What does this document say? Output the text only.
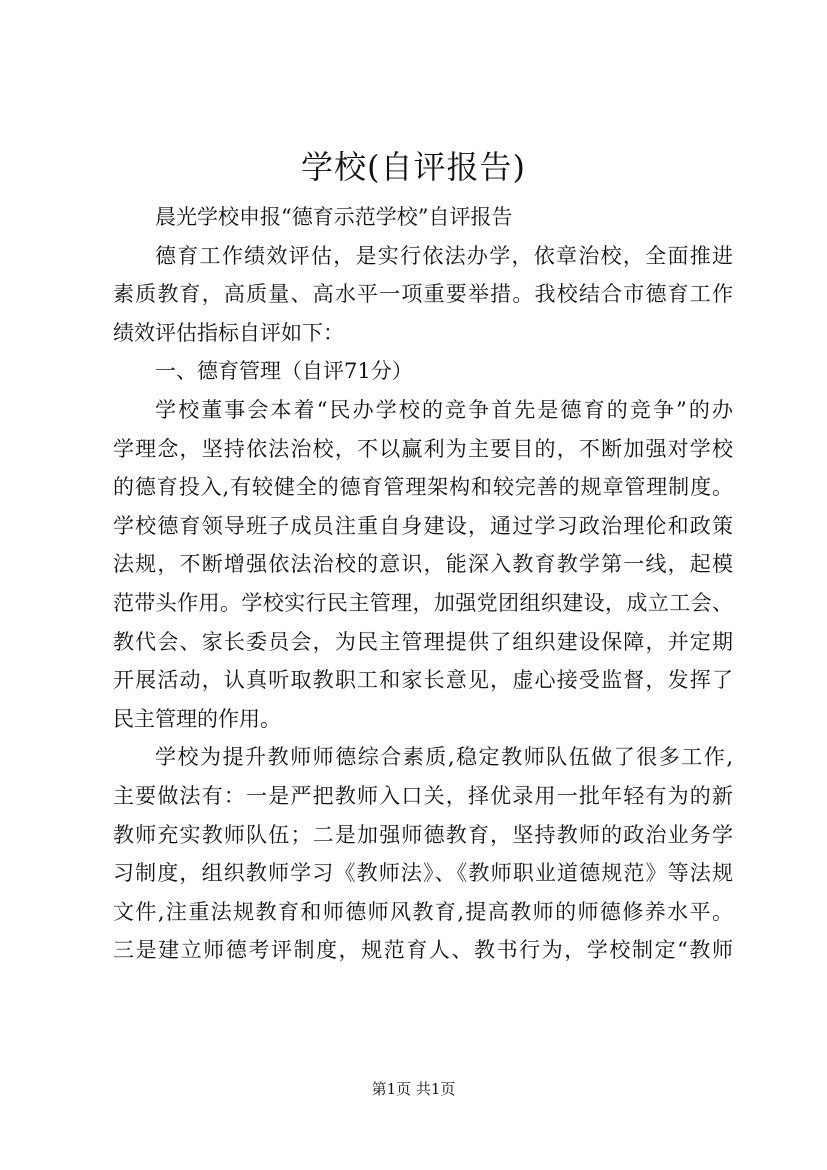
学校(自评报告)
晨光学校申报“德育示范学校”自评报告
德育工作绩效评估，是实行依法办学，依章治校，全面推进
素质教育，高质量、高水平一项重要举措。我校结合市德育工作
绩效评估指标自评如下：
一、德育管理（自评71分）
学校董事会本着“民办学校的竞争首先是德育的竞争”的办
学理念，坚持依法治校，不以赢利为主要目的，不断加强对学校
的德育投入,有较健全的德育管理架构和较完善的规章管理制度。
学校德育领导班子成员注重自身建设，通过学习政治理伦和政策
法规，不断增强依法治校的意识，能深入教育教学第一线，起模
范带头作用。学校实行民主管理，加强党团组织建设，成立工会、
教代会、家长委员会，为民主管理提供了组织建设保障，并定期
开展活动，认真听取教职工和家长意见，虚心接受监督，发挥了
民主管理的作用。
学校为提升教师师德综合素质,稳定教师队伍做了很多工作,
主要做法有：一是严把教师入口关，择优录用一批年轻有为的新
教师充实教师队伍；二是加强师德教育，坚持教师的政治业务学
习制度，组织教师学习《教师法》、《教师职业道德规范》等法规
文件,注重法规教育和师德师风教育,提高教师的师德修养水平。
三是建立师德考评制度，规范育人、教书行为，学校制定“教师
第1页 共1页
